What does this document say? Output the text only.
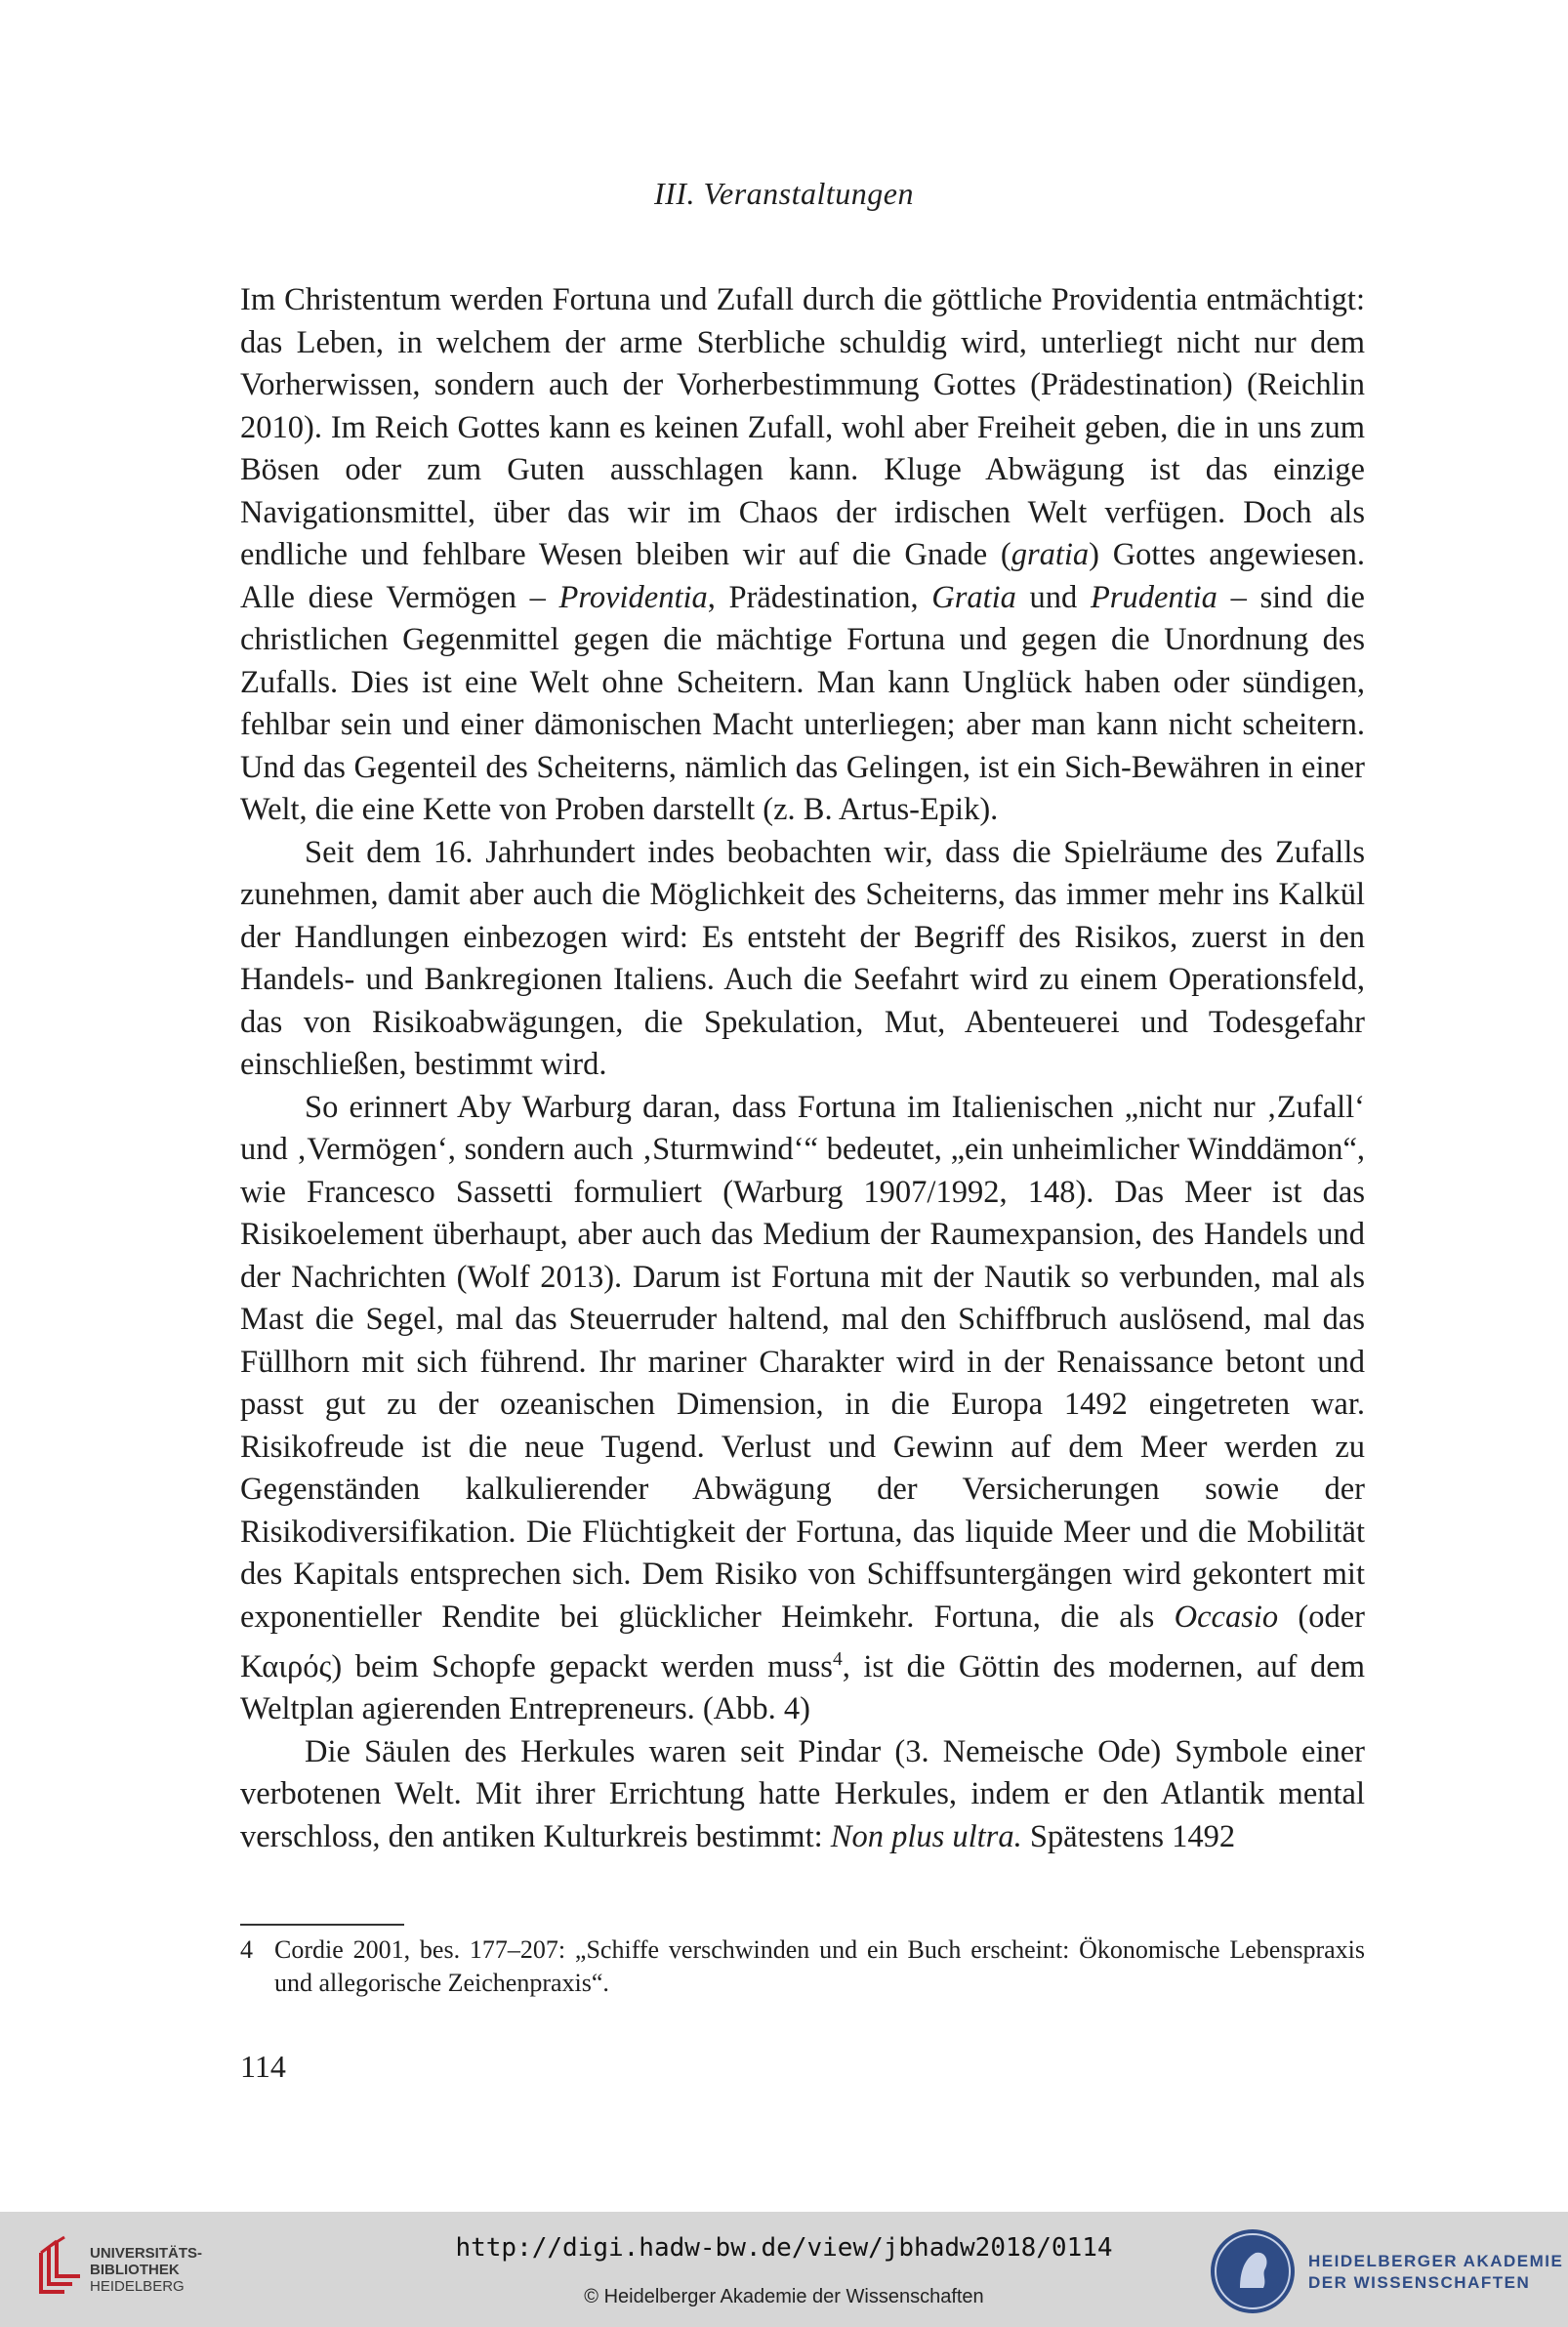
III. Veranstaltungen

Im Christentum werden Fortuna und Zufall durch die göttliche Providentia entmächtigt: das Leben, in welchem der arme Sterbliche schuldig wird, unterliegt nicht nur dem Vorherwissen, sondern auch der Vorherbestimmung Gottes (Prädestination) (Reichlin 2010). Im Reich Gottes kann es keinen Zufall, wohl aber Freiheit geben, die in uns zum Bösen oder zum Guten ausschlagen kann. Kluge Abwägung ist das einzige Navigationsmittel, über das wir im Chaos der irdischen Welt verfügen. Doch als endliche und fehlbare Wesen bleiben wir auf die Gnade (gratia) Gottes angewiesen. Alle diese Vermögen – Providentia, Prädestination, Gratia und Prudentia – sind die christlichen Gegenmittel gegen die mächtige Fortuna und gegen die Unordnung des Zufalls. Dies ist eine Welt ohne Scheitern. Man kann Unglück haben oder sündigen, fehlbar sein und einer dämonischen Macht unterliegen; aber man kann nicht scheitern. Und das Gegenteil des Scheiterns, nämlich das Gelingen, ist ein Sich-Bewähren in einer Welt, die eine Kette von Proben darstellt (z. B. Artus-Epik).

Seit dem 16. Jahrhundert indes beobachten wir, dass die Spielräume des Zufalls zunehmen, damit aber auch die Möglichkeit des Scheiterns, das immer mehr ins Kalkül der Handlungen einbezogen wird: Es entsteht der Begriff des Risikos, zuerst in den Handels- und Bankregionen Italiens. Auch die Seefahrt wird zu einem Operationsfeld, das von Risikoabwägungen, die Spekulation, Mut, Abenteuerei und Todesgefahr einschließen, bestimmt wird.

So erinnert Aby Warburg daran, dass Fortuna im Italienischen „nicht nur ‚Zufall‘ und ‚Vermögen‘, sondern auch ‚Sturmwind‘“ bedeutet, „ein unheimlicher Winddämon“, wie Francesco Sassetti formuliert (Warburg 1907/1992, 148). Das Meer ist das Risikoelement überhaupt, aber auch das Medium der Raumexpansion, des Handels und der Nachrichten (Wolf 2013). Darum ist Fortuna mit der Nautik so verbunden, mal als Mast die Segel, mal das Steuerruder haltend, mal den Schiffbruch auslösend, mal das Füllhorn mit sich führend. Ihr mariner Charakter wird in der Renaissance betont und passt gut zu der ozeanischen Dimension, in die Europa 1492 eingetreten war. Risikofreude ist die neue Tugend. Verlust und Gewinn auf dem Meer werden zu Gegenständen kalkulierender Abwägung der Versicherungen sowie der Risikodiversifikation. Die Flüchtigkeit der Fortuna, das liquide Meer und die Mobilität des Kapitals entsprechen sich. Dem Risiko von Schiffsuntergängen wird gekontert mit exponentieller Rendite bei glücklicher Heimkehr. Fortuna, die als Occasio (oder Καιρός) beim Schopfe gepackt werden muss$^4$, ist die Göttin des modernen, auf dem Weltplan agierenden Entrepreneurs. (Abb. 4)

Die Säulen des Herkules waren seit Pindar (3. Nemeische Ode) Symbole einer verbotenen Welt. Mit ihrer Errichtung hatte Herkules, indem er den Atlantik mental verschloss, den antiken Kulturkreis bestimmt: Non plus ultra. Spätestens 1492

4 Cordie 2001, bes. 177–207: „Schiffe verschwinden und ein Buch erscheint: Ökonomische Lebenspraxis und allegorische Zeichenpraxis“.
114
UNIVERSITÄTS-
BIBLIOTHEK
HEIDELBERG
http://digi.hadw-bw.de/view/jbhadw2018/0114
© Heidelberger Akademie der Wissenschaften
HEIDELBERGER AKADEMIE
DER WISSENSCHAFTEN
